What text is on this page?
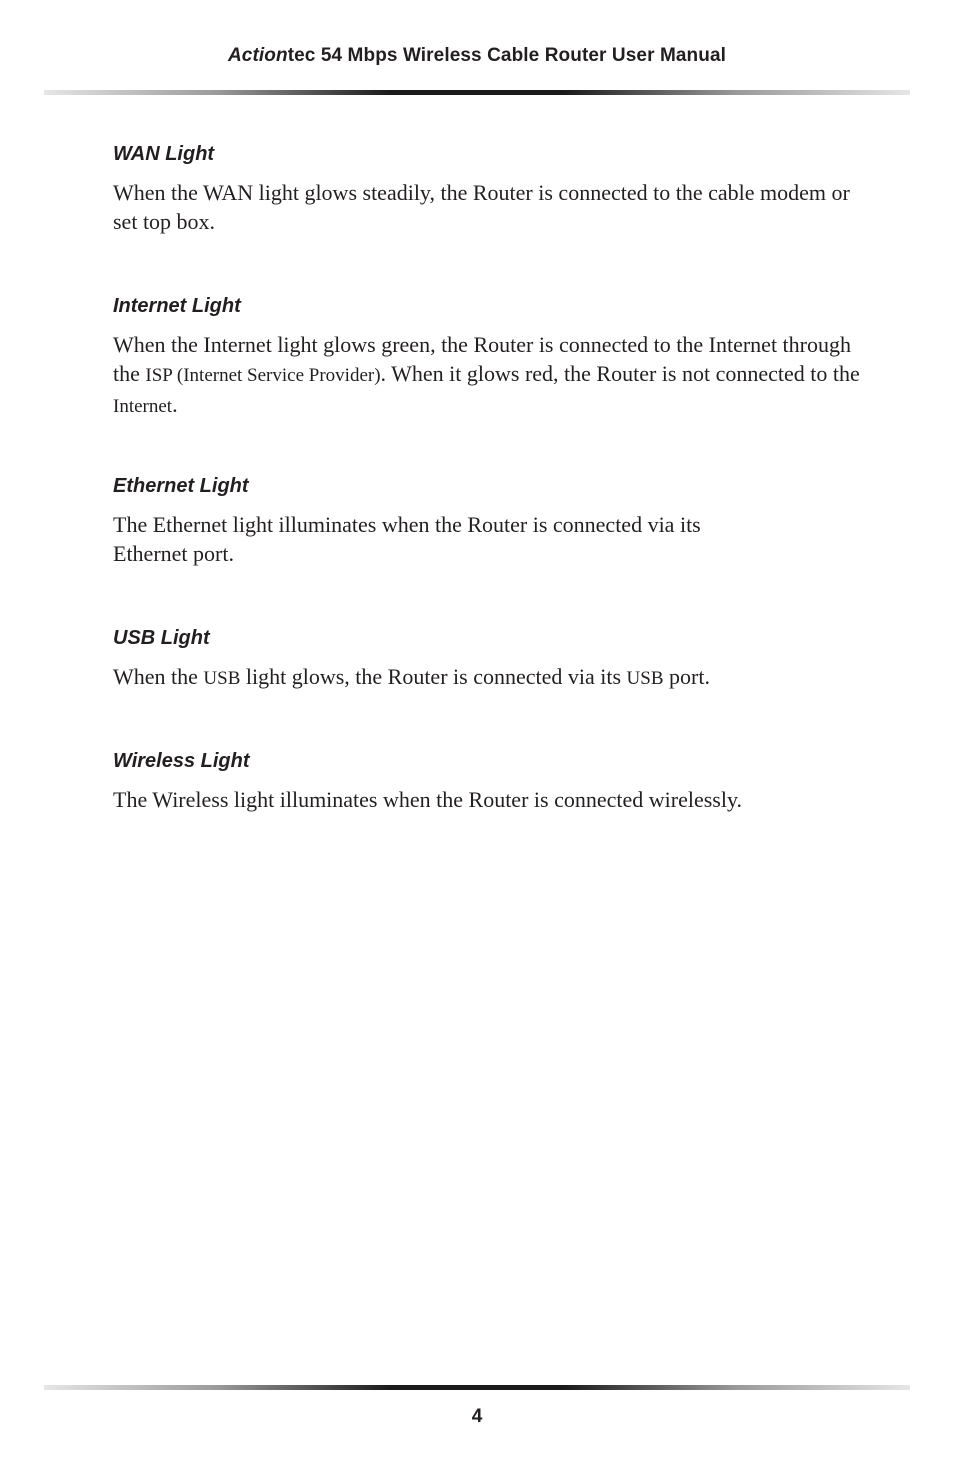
Actiontec 54 Mbps Wireless Cable Router User Manual
WAN Light

When the WAN light glows steadily, the Router is connected to the cable modem or set top box.

Internet Light

When the Internet light glows green, the Router is connected to the Internet through the ISP (Internet Service Provider). When it glows red, the Router is not connected to the Internet.

Ethernet Light

The Ethernet light illuminates when the Router is connected via its
Ethernet port.

USB Light

When the USB light glows, the Router is connected via its USB port.

Wireless Light

The Wireless light illuminates when the Router is connected wirelessly.

4
